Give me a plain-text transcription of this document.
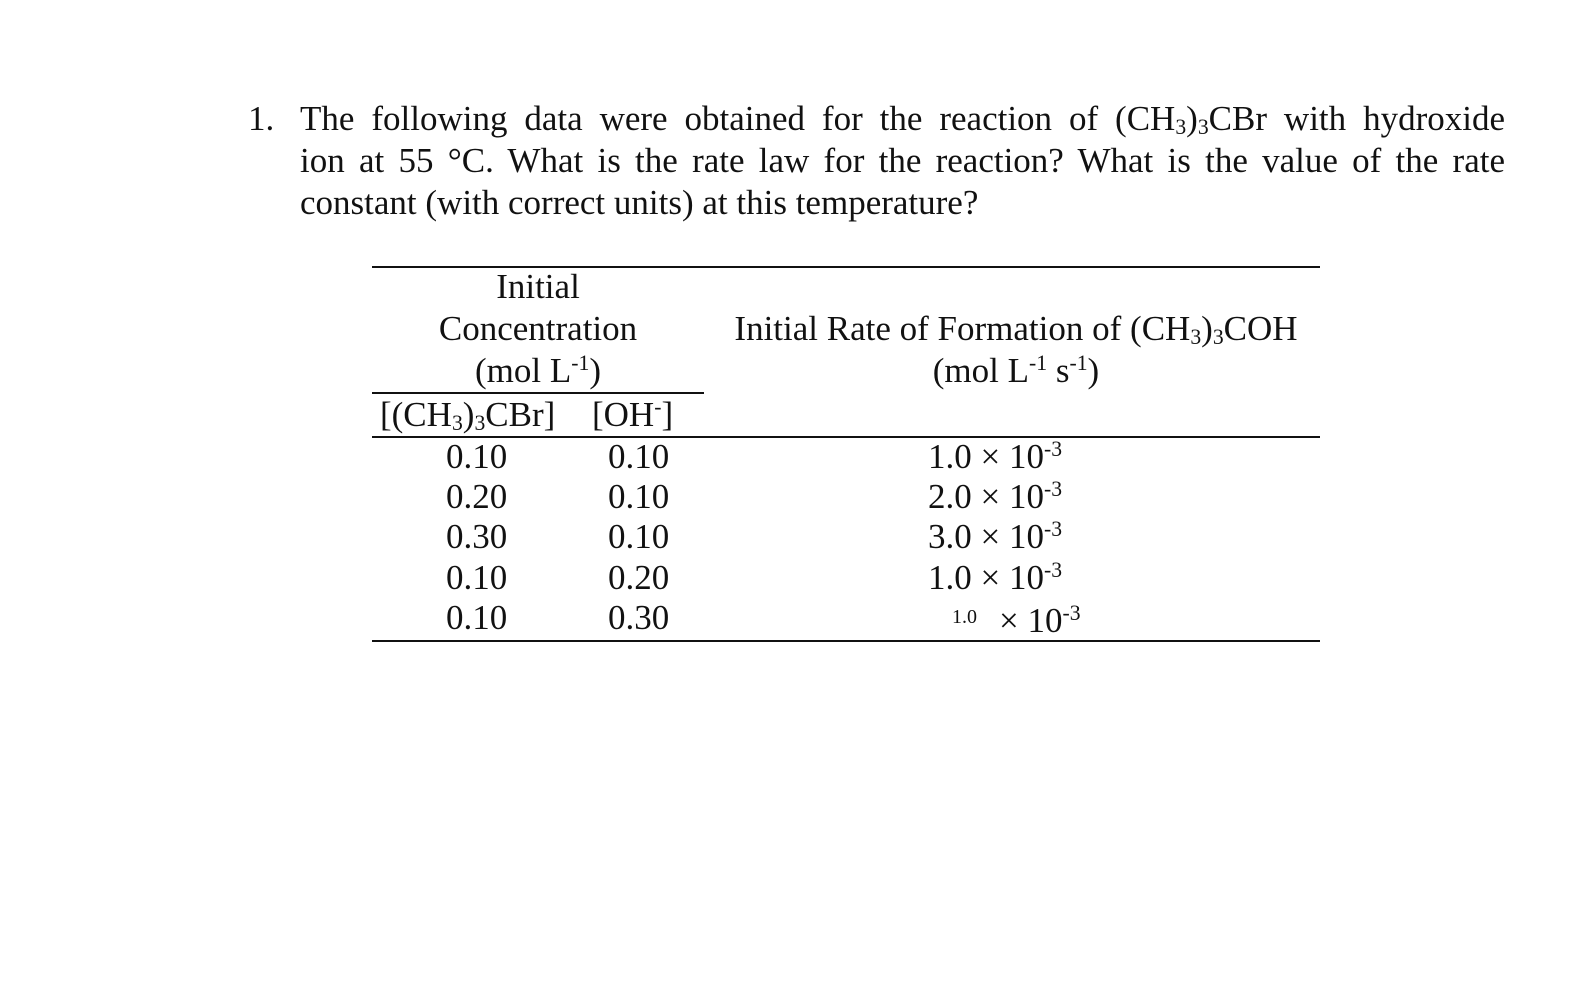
1. The following data were obtained for the reaction of $(CH_3)_3CBr$ with hydroxide
ion at 55 °C. What is the rate law for the reaction? What is the value of the rate
constant (with correct units) at this temperature?
Initial
Concentration
(mol $L^{-1}$)
Initial Rate of Formation of $(CH_3)_3COH$
(mol $L^{-1}$ $s^{-1}$)
$[(CH_3)_3CBr]$ [OH-]
0.10	0.10	$1.0 \times 10^{-3}$
0.20	0.10	$2.0 \times 10^{-3}$
0.30	0.10	$3.0 \times 10^{-3}$
0.10	0.20	$1.0 \times 10^{-3}$
0.10	0.30	$^{1.0} \times 10^{-3}$
